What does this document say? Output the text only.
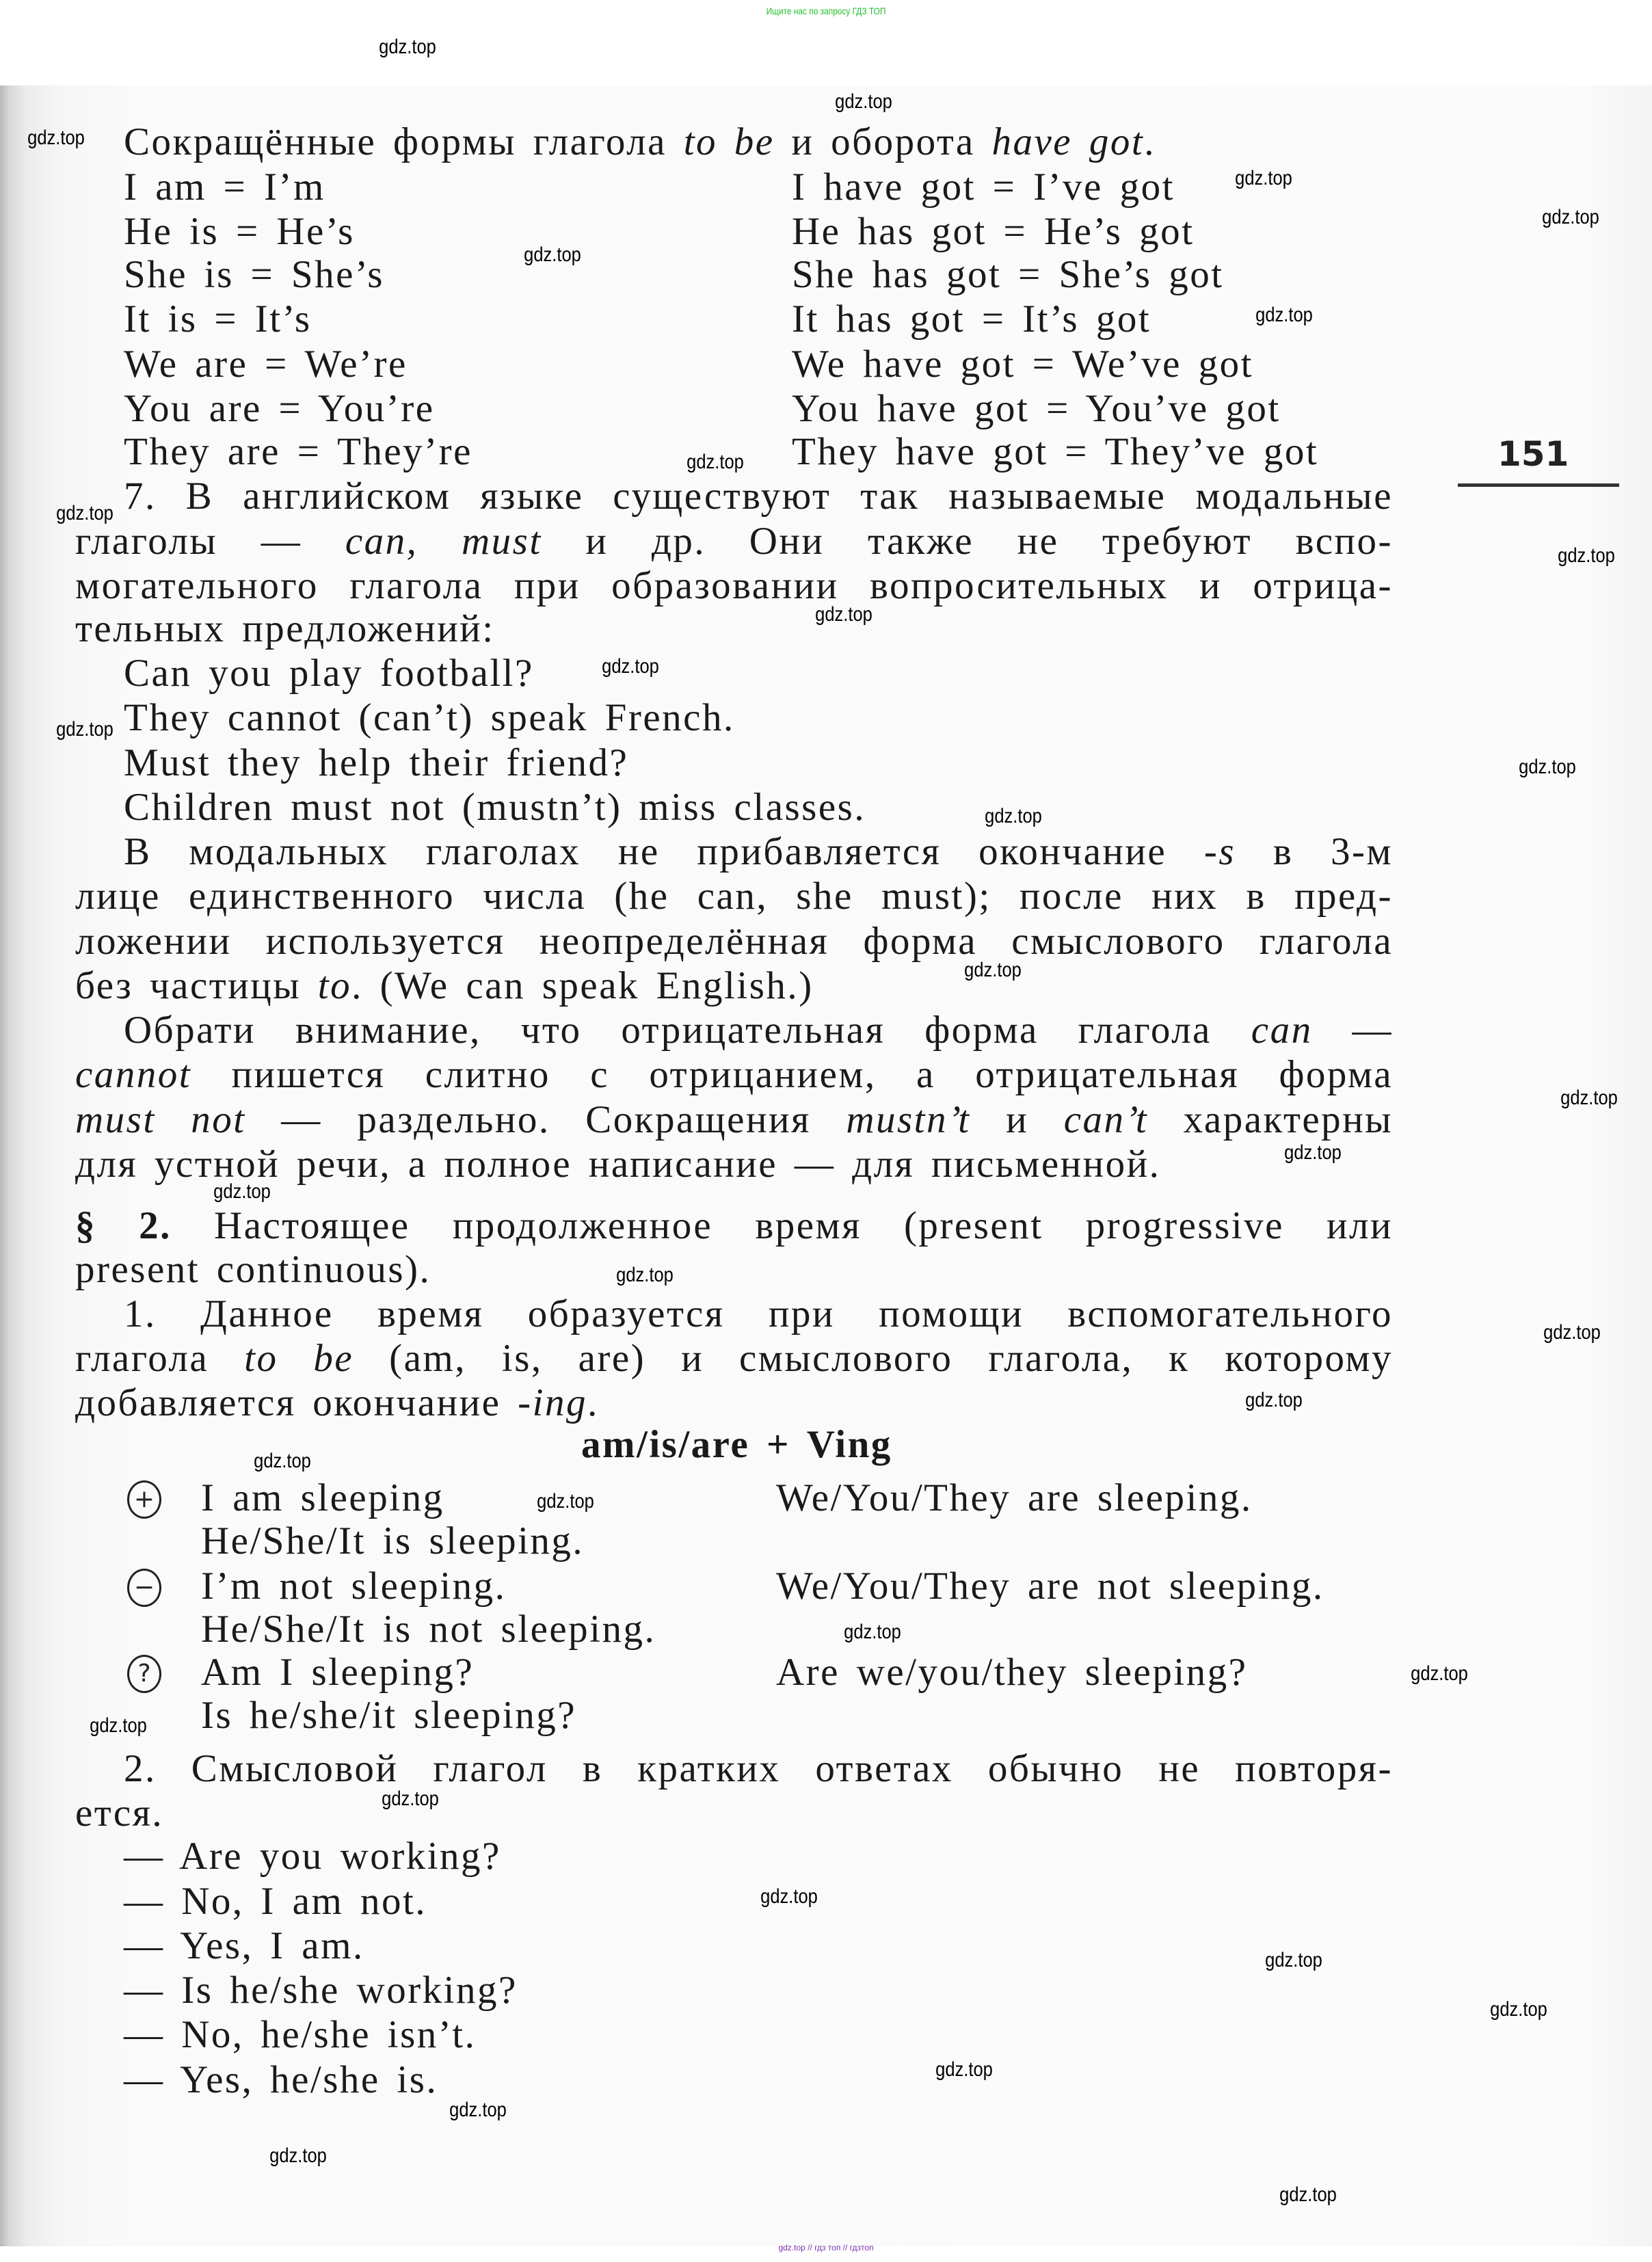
Ищите нас по запросу ГДЗ ТОП
151
+
−
?
Сокращённые формы глагола to be и оборота have got.
I am = I’m
He is = He’s
She is = She’s
It is = It’s
We are = We’re
You are = You’re
They are = They’re
7. В английском языке существуют так называемые модальные
глаголы — can, must и др. Они также не требуют вспо-
могательного глагола при образовании вопросительных и отрица-
тельных предложений:
Can you play football?
They cannot (can’t) speak French.
Must they help their friend?
Children must not (mustn’t) miss classes.
В модальных глаголах не прибавляется окончание -s в 3-м
лице единственного числа (he can, she must); после них в пред-
ложении используется неопределённая форма смыслового глагола
без частицы to. (We can speak English.)
Обрати внимание, что отрицательная форма глагола can —
cannot пишется слитно с отрицанием, а отрицательная форма
must not — раздельно. Сокращения mustn’t и can’t характерны
для устной речи, а полное написание — для письменной.
§ 2. Настоящее продолженное время (present progressive или
present continuous).
1. Данное время образуется при помощи вспомогательного
глагола to be (am, is, are) и смыслового глагола, к которому
добавляется окончание -ing.
am/is/are + Ving
I am sleeping
He/She/It is sleeping.
I’m not sleeping.
He/She/It is not sleeping.
Am I sleeping?
Is he/she/it sleeping?
2. Смысловой глагол в кратких ответах обычно не повторя-
ется.
— Are you working?
— No, I am not.
— Yes, I am.
— Is he/she working?
— No, he/she isn’t.
— Yes, he/she is.
I have got = I’ve got
He has got = He’s got
She has got = She’s got
It has got = It’s got
We have got = We’ve got
You have got = You’ve got
They have got = They’ve got
We/You/They are sleeping.
We/You/They are not sleeping.
Are we/you/they sleeping?
gdz.top
gdz.top
gdz.top
gdz.top
gdz.top
gdz.top
gdz.top
gdz.top
gdz.top
gdz.top
gdz.top
gdz.top
gdz.top
gdz.top
gdz.top
gdz.top
gdz.top
gdz.top
gdz.top
gdz.top
gdz.top
gdz.top
gdz.top
gdz.top
gdz.top
gdz.top
gdz.top
gdz.top
gdz.top
gdz.top
gdz.top
gdz.top
gdz.top
gdz.top
gdz.top
gdz.top // гдз топ // гдзтоп
